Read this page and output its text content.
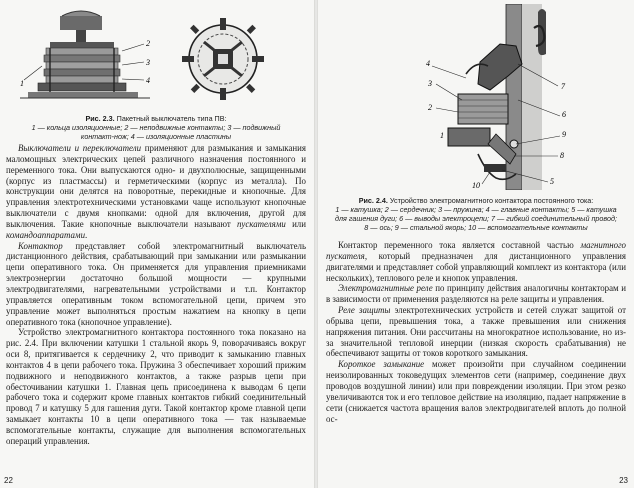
1
2
3
4
Рис. 2.3. Пакетный выключатель типа ПВ:
1 — кольца изоляционные; 2 — неподвижные контакты; 3 — подвижный
контакт-нож; 4 — изоляционные пластины

Выключатели и переключатели применяют для размыкания и замыкания маломощных электрических цепей различного назначения постоянного и переменного тока. Они выпускаются одно- и двухполюсные, защищенными (корпус из пластмассы) и герметическими (корпус из металла). По конструкции они делятся на поворотные, перекидные и кнопочные. Для управления электротехническими установками чаще используют кнопочные выключатели с двумя кнопками: одной для включения, другой для выключения. Такие кнопочные выключатели называют пускателями или командоаппаратами.

Контактор представляет собой электромагнитный выключатель дистанционного действия, срабатывающий при замыкании или размыкании цепи оперативного тока. Он применяется для управления приемниками электроэнергии достаточно большой мощности — крупными электродвигателями, нагревательными устройствами и т.п. Контактор управляется оперативным током вспомогательной цепи, причем это управление может выполняться простым нажатием на кнопку в цепи оперативного тока (кнопочное управление).

Устройство электромагнитного контактора постоянного тока показано на рис. 2.4. При включении катушки 1 стальной якорь 9, поворачиваясь вокруг оси 8, притягивается к сердечнику 2, что приводит к замыканию главных контактов 4 в цепи рабочего тока. Пружина 3 обеспечивает хороший прижим подвижного и неподвижного контактов, а также разрыв цепи при обесточивании катушки 1. Главная цепь присоединена к выводам 6 цепи рабочего тока и содержит кроме главных контактов гибкий соединительный провод 7 и катушку 5 для гашения дуги. Такой контактор кроме главной цепи замыкает контакты 10 в цепи оперативного тока — так называемые вспомогательные контакты, служащие для выполнения вспомогательных операций управления.

22
4
3	7
6
2
1	9
8
5
10
Рис. 2.4. Устройство электромагнитного контактора постоянного тока:
1 — катушка; 2 — сердечник; 3 — пружина; 4 — главные контакты; 5 — катушка
для гашения дуги; 6 — выводы электроцепи; 7 — гибкий соединительный провод;
8 — ось; 9 — стальной якорь; 10 — вспомогательные контакты

Контактор переменного тока является составной частью магнитного пускателя, который предназначен для дистанционного управления двигателями и представляет собой управляющий комплект из контактора (или нескольких), теплового реле и кнопок управления.

Электромагнитные реле по принципу действия аналогичны контакторам и в зависимости от применения разделяются на реле защиты и управления.

Реле защиты электротехнических устройств и сетей служат защитой от обрыва цепи, превышения тока, а также превышения или снижения напряжения питания. Они рассчитаны на многократное использование, но из-за значительной тепловой инерции (низкая скорость срабатывания) не обеспечивают защиты от токов короткого замыкания.

Короткое замыкание может произойти при случайном соединении неизолированных токоведущих элементов сети (например, соединение двух проводов воздушной линии) или при повреждении изоляции. При этом резко увеличиваются ток и его тепловое действие на изоляцию, падает напряжение в сети (снижается частота вращения валов электродвигателей вплоть до полной ос-

23
